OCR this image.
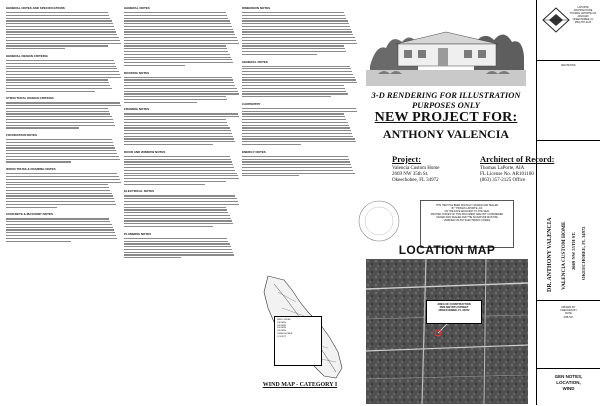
GENERAL NOTES AND SPECIFICATIONS
GENERAL DESIGN CRITERIA
STRUCTURAL DESIGN CRITERIA
FOUNDATION NOTES
WOOD TRUSS & FRAMING NOTES
CONCRETE & MASONRY NOTES
GENERAL NOTES
ROOFING NOTES
FRAMING NOTES
DOOR AND WINDOW NOTES
ELECTRICAL NOTES
PLUMBING NOTES
DIMENSION NOTES
GENERAL NOTES
CARPENTRY
ENERGY NOTES
3-D RENDERING FOR ILLUSTRATION PURPOSES ONLY
NEW PROJECT FOR:
ANTHONY VALENCIA
Project:
Valencia Custom Home
2669 NW 35th St.
Okeechobee, FL 34972
Architect of Record:
Thomas LaPorte, AIA
FL License No. AR101100
(863) 357-2125 Office
THIS ITEM HAS BEEN DIGITALLY SIGNED AND SEALED
BY THOMAS LAPORTE, AIA
ON THE DATE ADJACENT TO THE SEAL
PRINTED COPIES OF THIS DOCUMENT ARE NOT CONSIDERED
SIGNED AND SEALED AND THE SIGNATURE MUST BE
VERIFIED ON ANY ELECTRONIC COPIES
LOCATION MAP
AREA OF CONSTRUCTION
2669 NW 35TH STREET
OKEECHOBEE, FL 34972
WIND SPEED
130 MPH
140 MPH
150 MPH
160 MPH
OKEECHOBEE
COUNTY
WIND MAP - CATEGORY I
LAPORTE
ARCHITECTURE
THOMAS LAPORTE AIA
AR101100
OKEECHOBEE, FL
(863) 357-2125
REVISIONS
DR. ANTHONY VALENCIA VALENCIA CUSTOM HOME 2669 NW 35TH ST. OKEECHOBEE, FL 34972
DRAWN BY
CHECKED BY
DATE
JOB NO.
GEN NOTES,
LOCATION,
WIND
